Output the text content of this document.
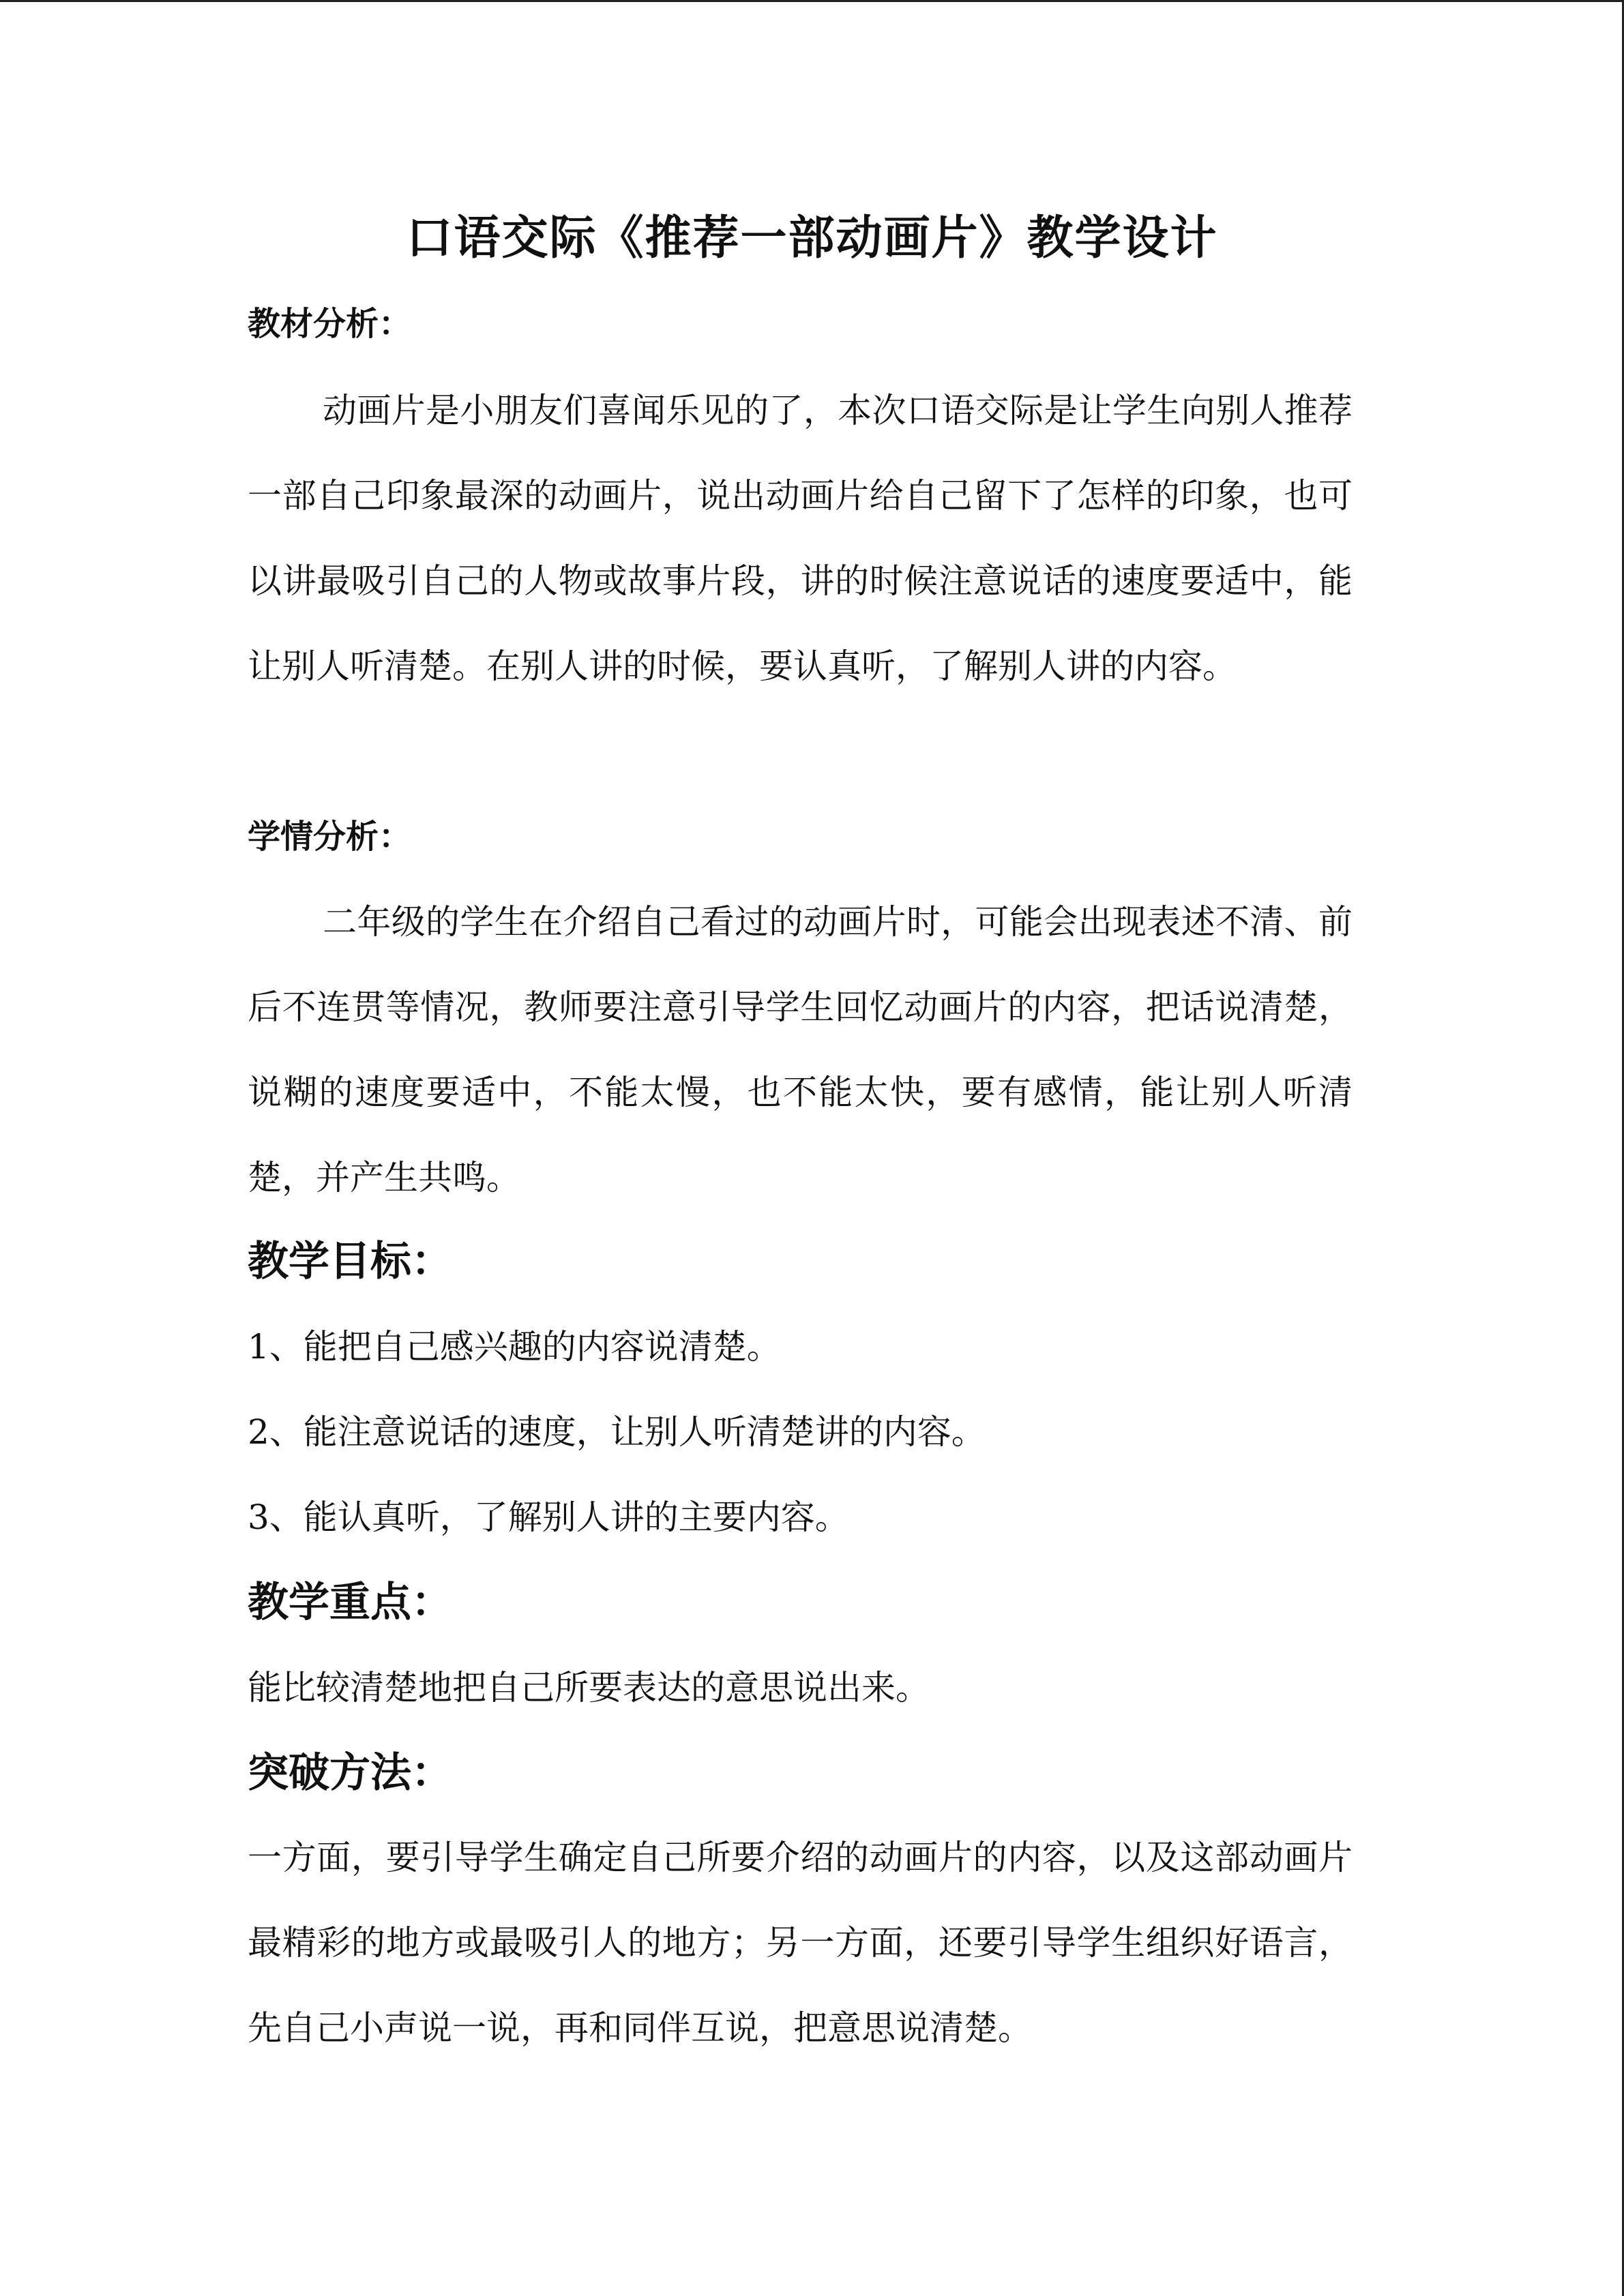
口语交际《推荐一部动画片》教学设计
教材分析：

动画片是小朋友们喜闻乐见的了，本次口语交际是让学生向别人推荐一部自己印象最深的动画片，说出动画片给自己留下了怎样的印象，也可以讲最吸引自己的人物或故事片段，讲的时候注意说话的速度要适中，能让别人听清楚。在别人讲的时候，要认真听，了解别人讲的内容。

学情分析：

二年级的学生在介绍自己看过的动画片时，可能会出现表述不清、前后不连贯等情况，教师要注意引导学生回忆动画片的内容，把话说清楚，说糊的速度要适中，不能太慢，也不能太快，要有感情，能让别人听清楚，并产生共鸣。

教学目标：

1、能把自己感兴趣的内容说清楚。

2、能注意说话的速度，让别人听清楚讲的内容。

3、能认真听，了解别人讲的主要内容。

教学重点：

能比较清楚地把自己所要表达的意思说出来。

突破方法：

一方面，要引导学生确定自己所要介绍的动画片的内容，以及这部动画片最精彩的地方或最吸引人的地方；另一方面，还要引导学生组织好语言，先自己小声说一说，再和同伴互说，把意思说清楚。
